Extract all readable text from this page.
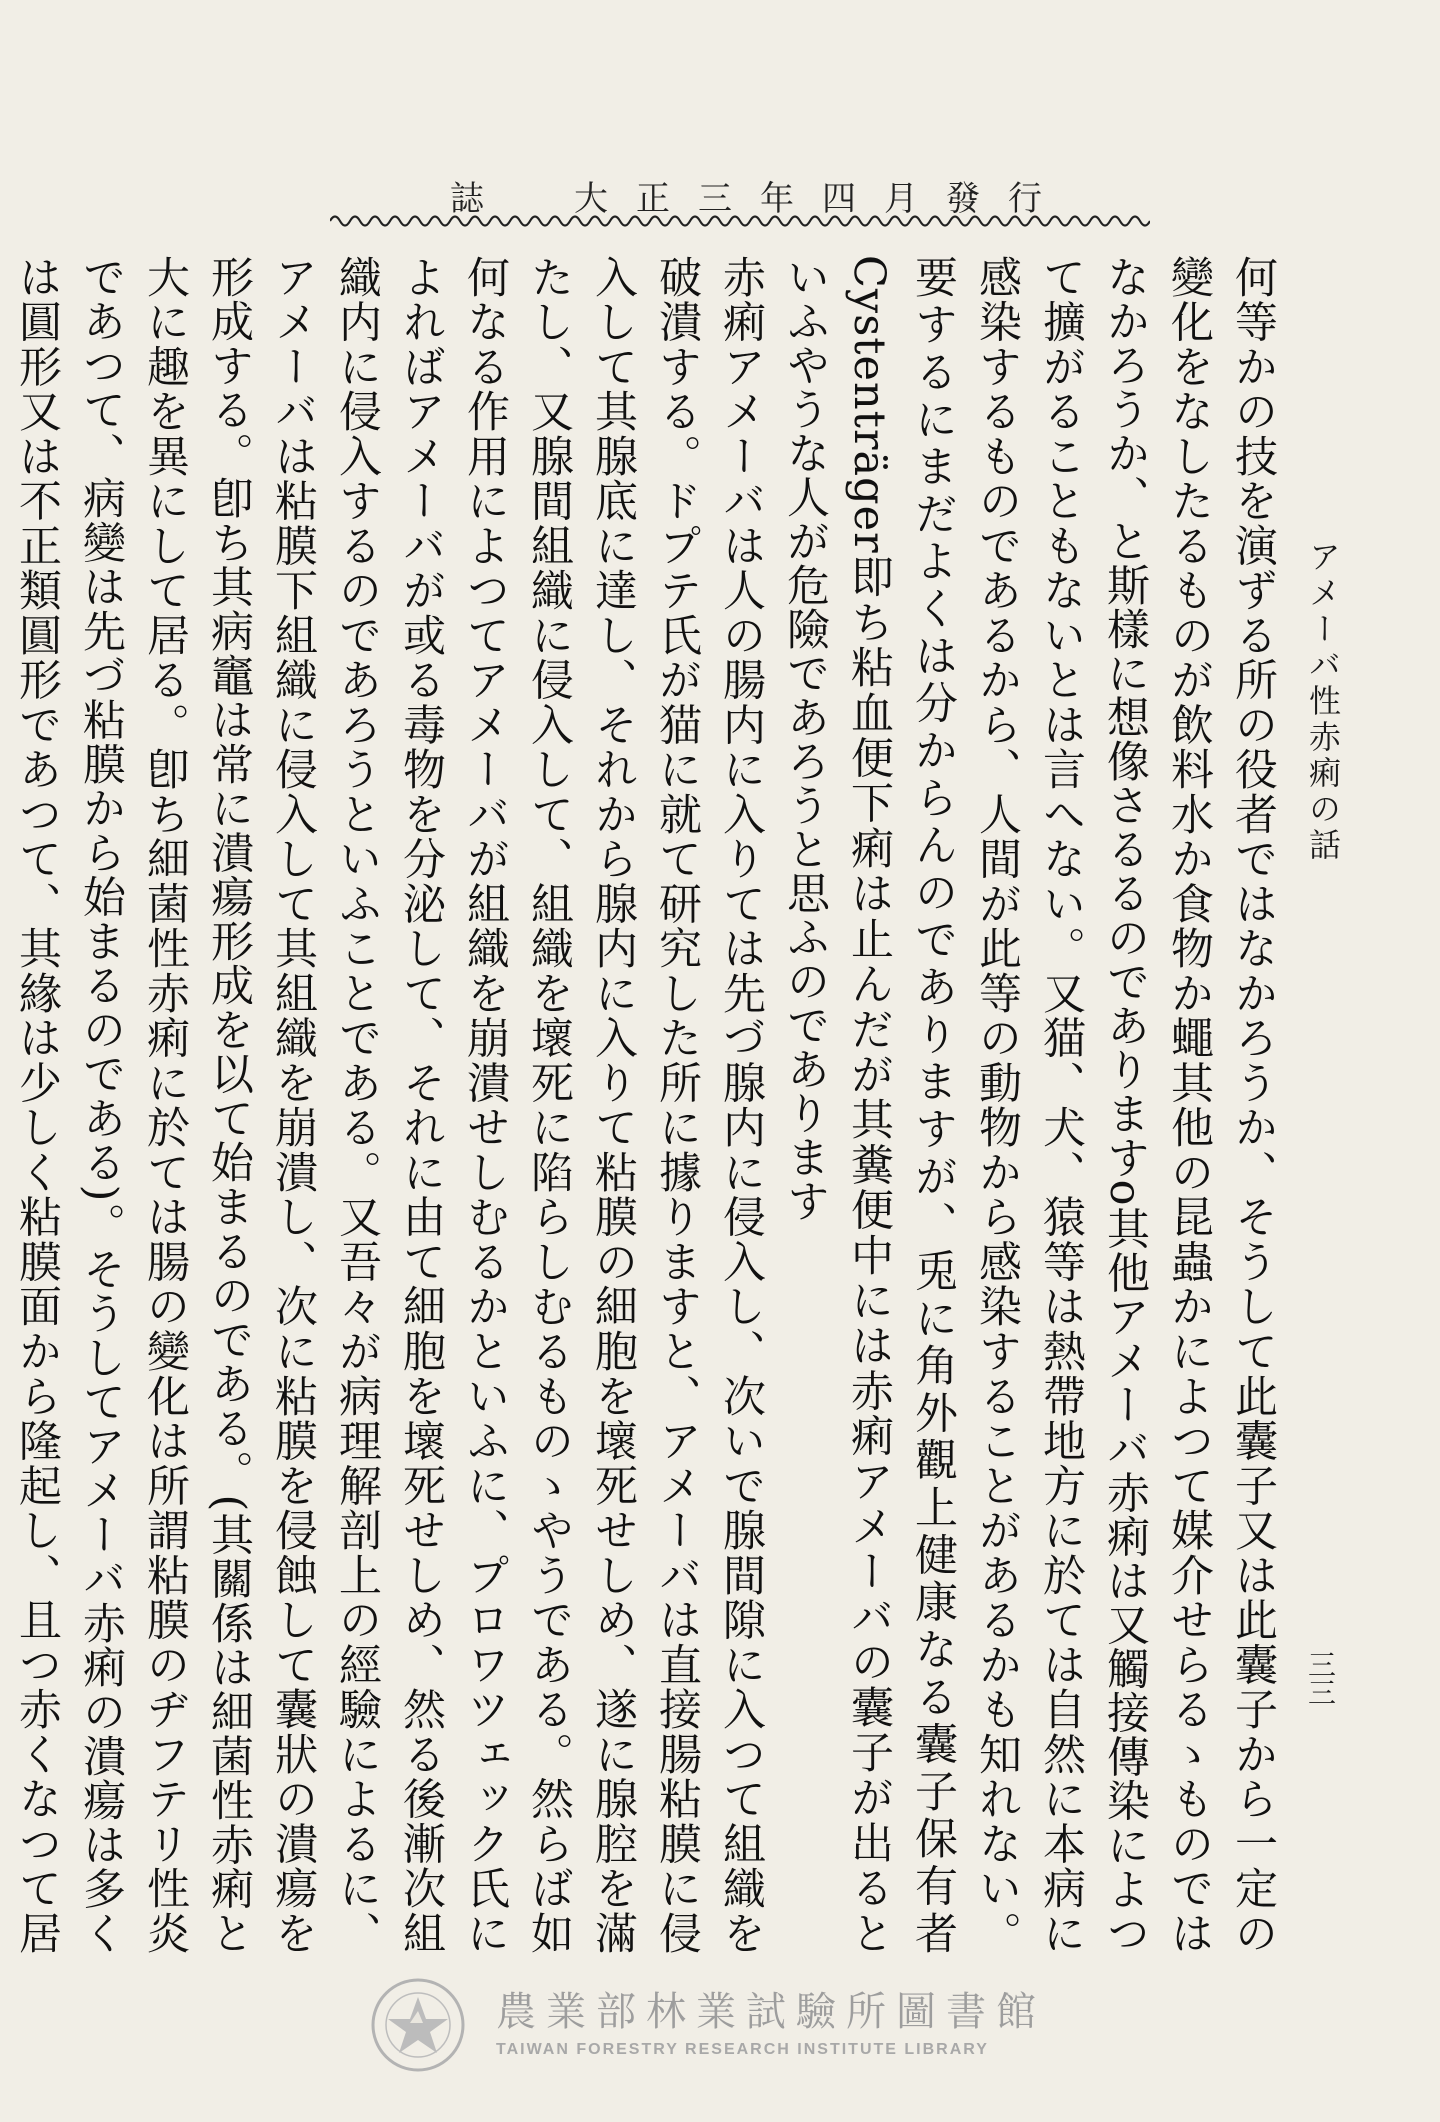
誌　大正三年四月發行
アメーバ性赤痢の話
三三

何等かの技を演ずる所の役者ではなかろうか、そうして此囊子又は此囊子から一定の變化をなしたるものが飲料水か食物か蠅其他の昆蟲かによつて媒介せらるゝものではなかろうか、と斯樣に想像さるるのでありますo其他アメーバ赤痢は又觸接傳染によつて擴がることもないとは言へない。又猫、犬、猿等は熱帶地方に於ては自然に本病に感染するものであるから、人間が此等の動物から感染することがあるかも知れない。要するにまだよくは分からんのでありますが、兎に角外觀上健康なる囊子保有者Cystenträger即ち粘血便下痢は止んだが其糞便中には赤痢アメーバの囊子が出るといふやうな人が危險であろうと思ふのであります

赤痢アメーバは人の腸内に入りては先づ腺内に侵入し、次いで腺間隙に入つて組織を破潰する。ドプテ氏が猫に就て研究した所に據りますと、アメーバは直接腸粘膜に侵入して其腺底に達し、それから腺内に入りて粘膜の細胞を壞死せしめ、遂に腺腔を滿たし、又腺間組織に侵入して、組織を壞死に陷らしむるものゝやうである。然らば如何なる作用によつてアメーバが組織を崩潰せしむるかといふに、プロワツェック氏によればアメーバが或る毒物を分泌して、それに由て細胞を壞死せしめ、然る後漸次組織内に侵入するのであろうといふことである。又吾々が病理解剖上の經驗によるに、アメーバは粘膜下組織に侵入して其組織を崩潰し、次に粘膜を侵蝕して囊狀の潰瘍を形成する。卽ち其病竈は常に潰瘍形成を以て始まるのである。(其關係は細菌性赤痢と大に趣を異にして居る。卽ち細菌性赤痢に於ては腸の變化は所謂粘膜のヂフテリ性炎であつて、病變は先づ粘膜から始まるのである)。そうしてアメーバ赤痢の潰瘍は多くは圓形又は不正類圓形であつて、其緣は少しく粘膜面から隆起し、且つ赤くなつて居

農業部林業試驗所圖書館
TAIWAN FORESTRY RESEARCH INSTITUTE LIBRARY
